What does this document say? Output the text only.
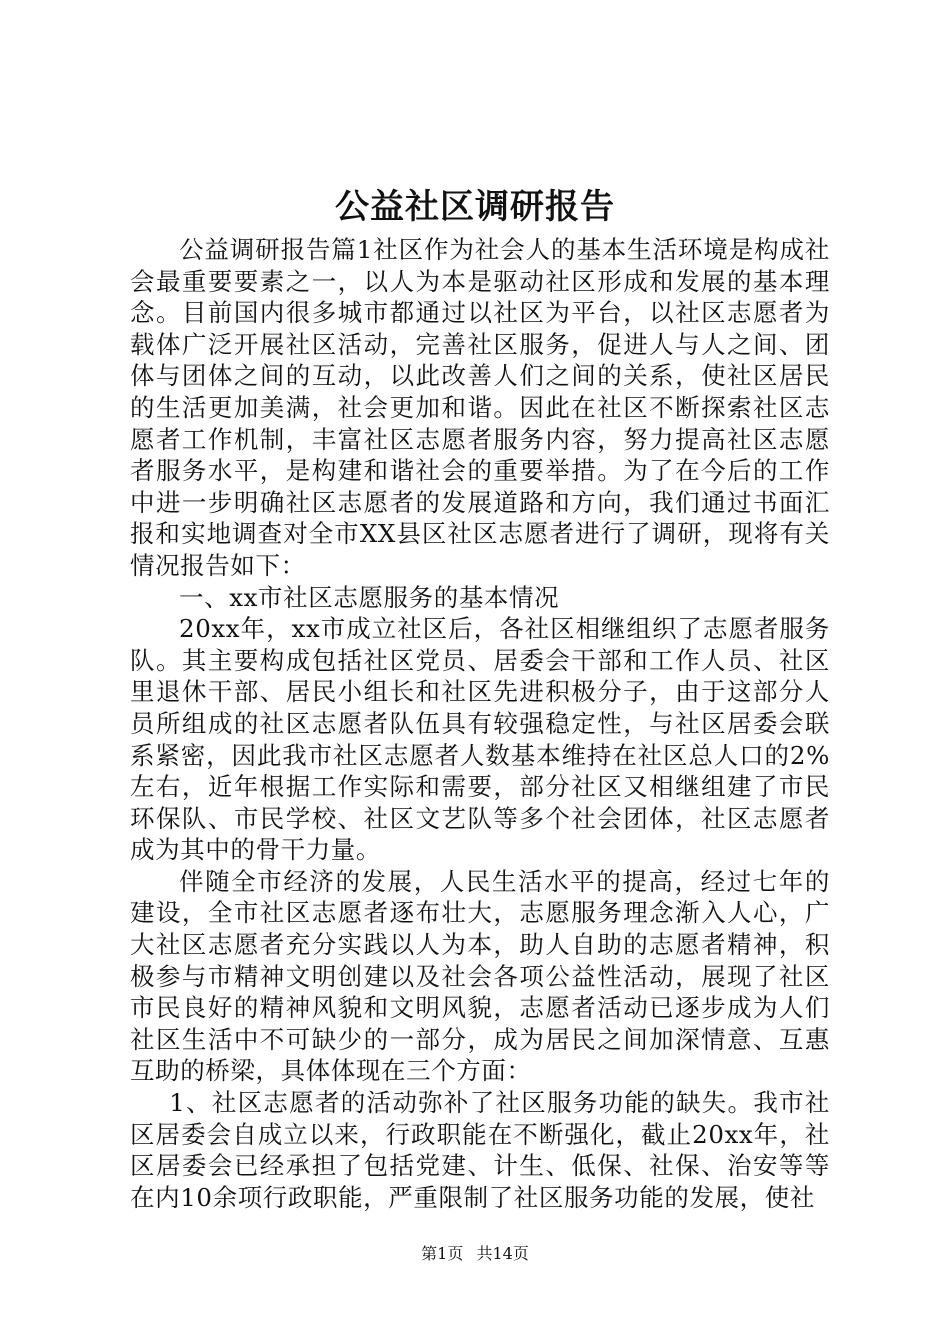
公益社区调研报告

公益调研报告篇1社区作为社会人的基本生活环境是构成社会最重要要素之一，以人为本是驱动社区形成和发展的基本理念。目前国内很多城市都通过以社区为平台，以社区志愿者为载体广泛开展社区活动，完善社区服务，促进人与人之间、团体与团体之间的互动，以此改善人们之间的关系，使社区居民的生活更加美满，社会更加和谐。因此在社区不断探索社区志愿者工作机制，丰富社区志愿者服务内容，努力提高社区志愿者服务水平，是构建和谐社会的重要举措。为了在今后的工作中进一步明确社区志愿者的发展道路和方向，我们通过书面汇报和实地调查对全市XX县区社区志愿者进行了调研，现将有关情况报告如下：

一、xx市社区志愿服务的基本情况

20xx年，xx市成立社区后，各社区相继组织了志愿者服务队。其主要构成包括社区党员、居委会干部和工作人员、社区里退休干部、居民小组长和社区先进积极分子，由于这部分人员所组成的社区志愿者队伍具有较强稳定性，与社区居委会联系紧密，因此我市社区志愿者人数基本维持在社区总人口的2%左右，近年根据工作实际和需要，部分社区又相继组建了市民环保队、市民学校、社区文艺队等多个社会团体，社区志愿者成为其中的骨干力量。

伴随全市经济的发展，人民生活水平的提高，经过七年的建设，全市社区志愿者逐布壮大，志愿服务理念渐入人心，广大社区志愿者充分实践以人为本，助人自助的志愿者精神，积极参与市精神文明创建以及社会各项公益性活动，展现了社区市民良好的精神风貌和文明风貌，志愿者活动已逐步成为人们社区生活中不可缺少的一部分，成为居民之间加深情意、互惠互助的桥梁，具体体现在三个方面：

1、社区志愿者的活动弥补了社区服务功能的缺失。我市社区居委会自成立以来，行政职能在不断强化，截止20xx年，社区居委会已经承担了包括党建、计生、低保、社保、治安等等在内10余项行政职能，严重限制了社区服务功能的发展，使社

第1页 共14页
